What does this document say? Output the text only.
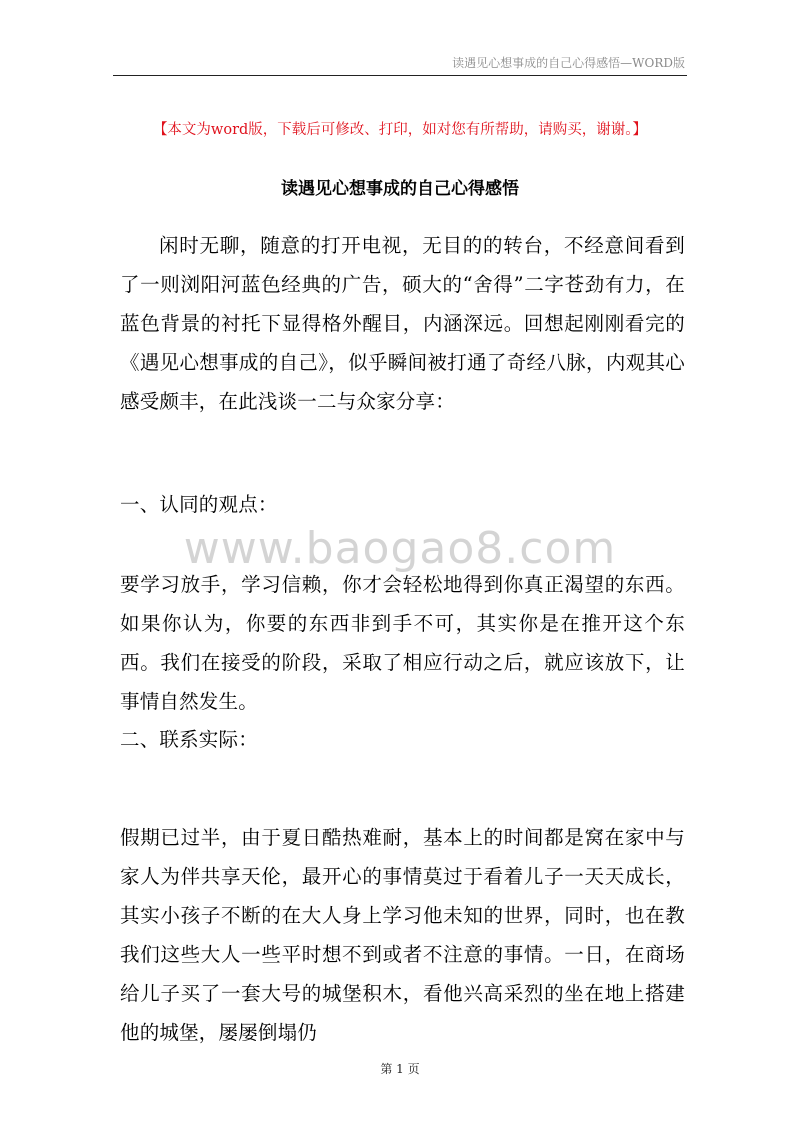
读遇见心想事成的自己心得感悟—WORD版
【本文为word版，下载后可修改、打印，如对您有所帮助，请购买，谢谢。】
读遇见心想事成的自己心得感悟

闲时无聊，随意的打开电视，无目的的转台，不经意间看到了一则浏阳河蓝色经典的广告，硕大的“舍得”二字苍劲有力，在蓝色背景的衬托下显得格外醒目，内涵深远。回想起刚刚看完的《遇见心想事成的自己》，似乎瞬间被打通了奇经八脉，内观其心感受颇丰，在此浅谈一二与众家分享：

一、认同的观点：

www.baogao8.com

要学习放手，学习信赖，你才会轻松地得到你真正渴望的东西。如果你认为，你要的东西非到手不可，其实你是在推开这个东西。我们在接受的阶段，采取了相应行动之后，就应该放下，让事情自然发生。

二、联系实际：

假期已过半，由于夏日酷热难耐，基本上的时间都是窝在家中与家人为伴共享天伦，最开心的事情莫过于看着儿子一天天成长，其实小孩子不断的在大人身上学习他未知的世界，同时，也在教我们这些大人一些平时想不到或者不注意的事情。一日，在商场给儿子买了一套大号的城堡积木，看他兴高采烈的坐在地上搭建他的城堡，屡屡倒塌仍

第 1 页
